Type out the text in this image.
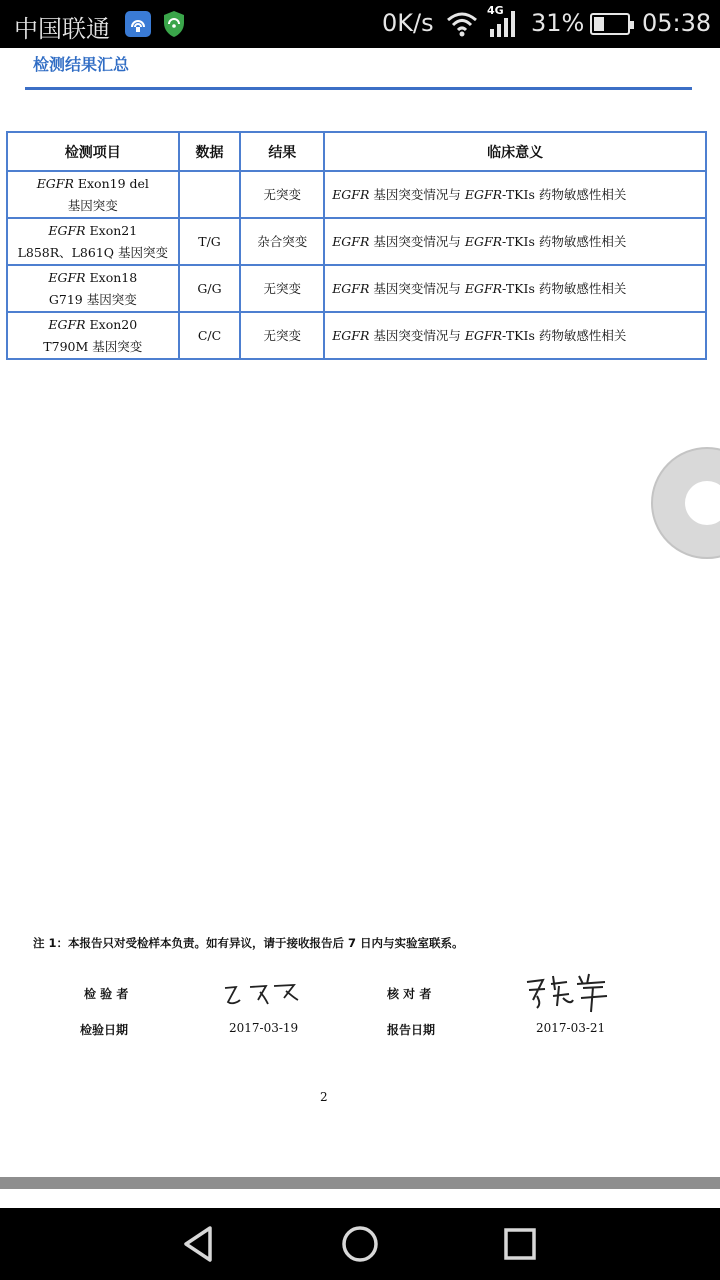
中国联通	0K/s	4G 31% 05:38
检测结果汇总
检测项目	数据	结果	临床意义
EGFR Exon19 del
基因突变		无突变	EGFR 基因突变情况与 EGFR-TKIs 药物敏感性相关
EGFR Exon21
L858R、L861Q 基因突变	T/G	杂合突变	EGFR 基因突变情况与 EGFR-TKIs 药物敏感性相关
EGFR Exon18
G719 基因突变	G/G	无突变	EGFR 基因突变情况与 EGFR-TKIs 药物敏感性相关
EGFR Exon20
T790M 基因突变	C/C	无突变	EGFR 基因突变情况与 EGFR-TKIs 药物敏感性相关
注 1：本报告只对受检样本负责。如有异议，请于接收报告后 7 日内与实验室联系。
检 验 者	核 对 者
检验日期	2017-03-19	报告日期	2017-03-21
2
